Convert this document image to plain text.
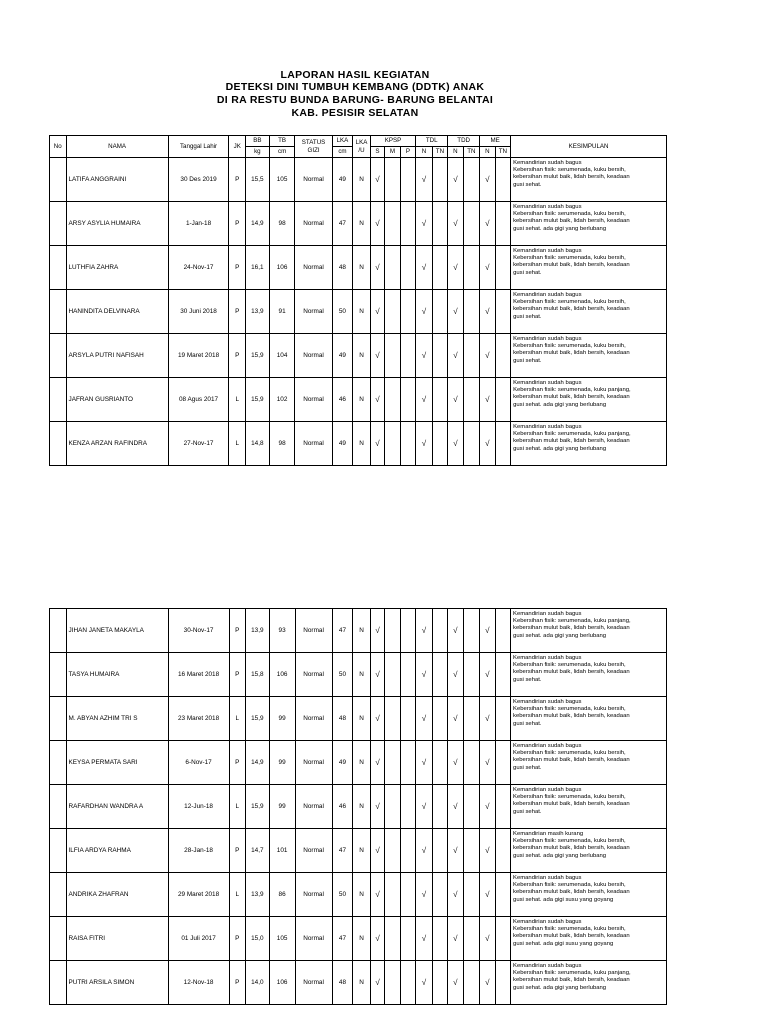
LAPORAN HASIL KEGIATAN
DETEKSI DINI TUMBUH KEMBANG (DDTK) ANAK
DI RA RESTU BUNDA BARUNG- BARUNG BELANTAI
KAB. PESISIR SELATAN
No	NAMA	Tanggal Lahir	JK	BB	TB	STATUS GIZI	LKA	LKA /U	KPSP			TDL		TDD		ME		KESIMPULAN
				kg	cm		cm		S	M	P	N	TN	N	TN	N	TN	
	LATIFA ANGGRAINI	30 Des 2019	P	15,5	105	Normal	49	N	√			√		√		√		Kemandirian sudah bagus
Kebersihan fisik: serumenada, kuku bersih,
kebersihan mulut baik, lidah bersih, keadaan
gusi sehat.

	ARSY ASYLIA HUMAIRA	1-Jan-18	P	14,9	98	Normal	47	N	√			√		√		√		Kemandirian sudah bagus
Kebersihan fisik: serumenada, kuku bersih,
kebersihan mulut baik, lidah bersih, keadaan
gusi sehat. ada gigi yang berlubang

	LUTHFIA ZAHRA	24-Nov-17	P	16,1	106	Normal	48	N	√			√		√		√		Kemandirian sudah bagus
Kebersihan fisik: serumenada, kuku bersih,
kebersihan mulut baik, lidah bersih, keadaan
gusi sehat.

	HANINDITA DELVINARA	30 Juni 2018	P	13,9	91	Normal	50	N	√			√		√		√		Kemandirian sudah bagus
Kebersihan fisik: serumenada, kuku bersih,
kebersihan mulut baik, lidah bersih, keadaan
gusi sehat.

	ARSYLA PUTRI NAFISAH	19 Maret 2018	P	15,9	104	Normal	49	N	√			√		√		√		Kemandirian sudah bagus
Kebersihan fisik: serumenada, kuku bersih,
kebersihan mulut baik, lidah bersih, keadaan
gusi sehat.

	JAFRAN GUSRIANTO	08 Agus 2017	L	15,9	102	Normal	46	N	√			√		√		√		Kemandirian sudah bagus
Kebersihan fisik: serumenada, kuku panjang,
kebersihan mulut baik, lidah bersih, keadaan
gusi sehat. ada gigi yang berlubang

	KENZA ARZAN RAFINDRA	27-Nov-17	L	14,8	98	Normal	49	N	√			√		√		√		Kemandirian sudah bagus
Kebersihan fisik: serumenada, kuku panjang,
kebersihan mulut baik, lidah bersih, keadaan
gusi sehat. ada gigi yang berlubang
	JIHAN JANETA MAKAYLA	30-Nov-17	P	13,9	93	Normal	47	N	√			√		√		√		Kemandirian sudah bagus
Kebersihan fisik: serumenada, kuku panjang,
kebersihan mulut baik, lidah bersih, keadaan
gusi sehat. ada gigi yang berlubang

	TASYA HUMAIRA	16 Maret 2018	P	15,8	106	Normal	50	N	√			√		√		√		Kemandirian sudah bagus
Kebersihan fisik: serumenada, kuku bersih,
kebersihan mulut baik, lidah bersih, keadaan
gusi sehat.

	M. ABYAN AZHIM TRI S	23 Maret 2018	L	15,9	99	Normal	48	N	√			√		√		√		Kemandirian sudah bagus
Kebersihan fisik: serumenada, kuku bersih,
kebersihan mulut baik, lidah bersih, keadaan
gusi sehat.

	KEYSA PERMATA SARI	6-Nov-17	P	14,9	99	Normal	49	N	√			√		√		√		Kemandirian sudah bagus
Kebersihan fisik: serumenada, kuku bersih,
kebersihan mulut baik, lidah bersih, keadaan
gusi sehat.

	RAFARDHAN WANDRA A	12-Jun-18	L	15,9	99	Normal	46	N	√			√		√		√		Kemandirian sudah bagus
Kebersihan fisik: serumenada, kuku bersih,
kebersihan mulut baik, lidah bersih, keadaan
gusi sehat.

	ILFIA ARDYA RAHMA	28-Jan-18	P	14,7	101	Normal	47	N	√			√		√		√		Kemandirian masih kurang
Kebersihan fisik: serumenada, kuku bersih,
kebersihan mulut baik, lidah bersih, keadaan
gusi sehat. ada gigi yang berlubang

	ANDRIKA ZHAFRAN	29 Maret 2018	L	13,9	86	Normal	50	N	√			√		√		√		Kemandirian sudah bagus
Kebersihan fisik: serumenada, kuku bersih,
kebersihan mulut baik, lidah bersih, keadaan
gusi sehat. ada gigi susu yang goyang

	RAISA FITRI	01 Juli 2017	P	15,0	105	Normal	47	N	√			√		√		√		Kemandirian sudah bagus
Kebersihan fisik: serumenada, kuku bersih,
kebersihan mulut baik, lidah bersih, keadaan
gusi sehat. ada gigi susu yang goyang

	PUTRI ARSILA SIMON	12-Nov-18	P	14,0	106	Normal	48	N	√			√		√		√		Kemandirian sudah bagus
Kebersihan fisik: serumenada, kuku panjang,
kebersihan mulut baik, lidah bersih, keadaan
gusi sehat. ada gigi yang berlubang
